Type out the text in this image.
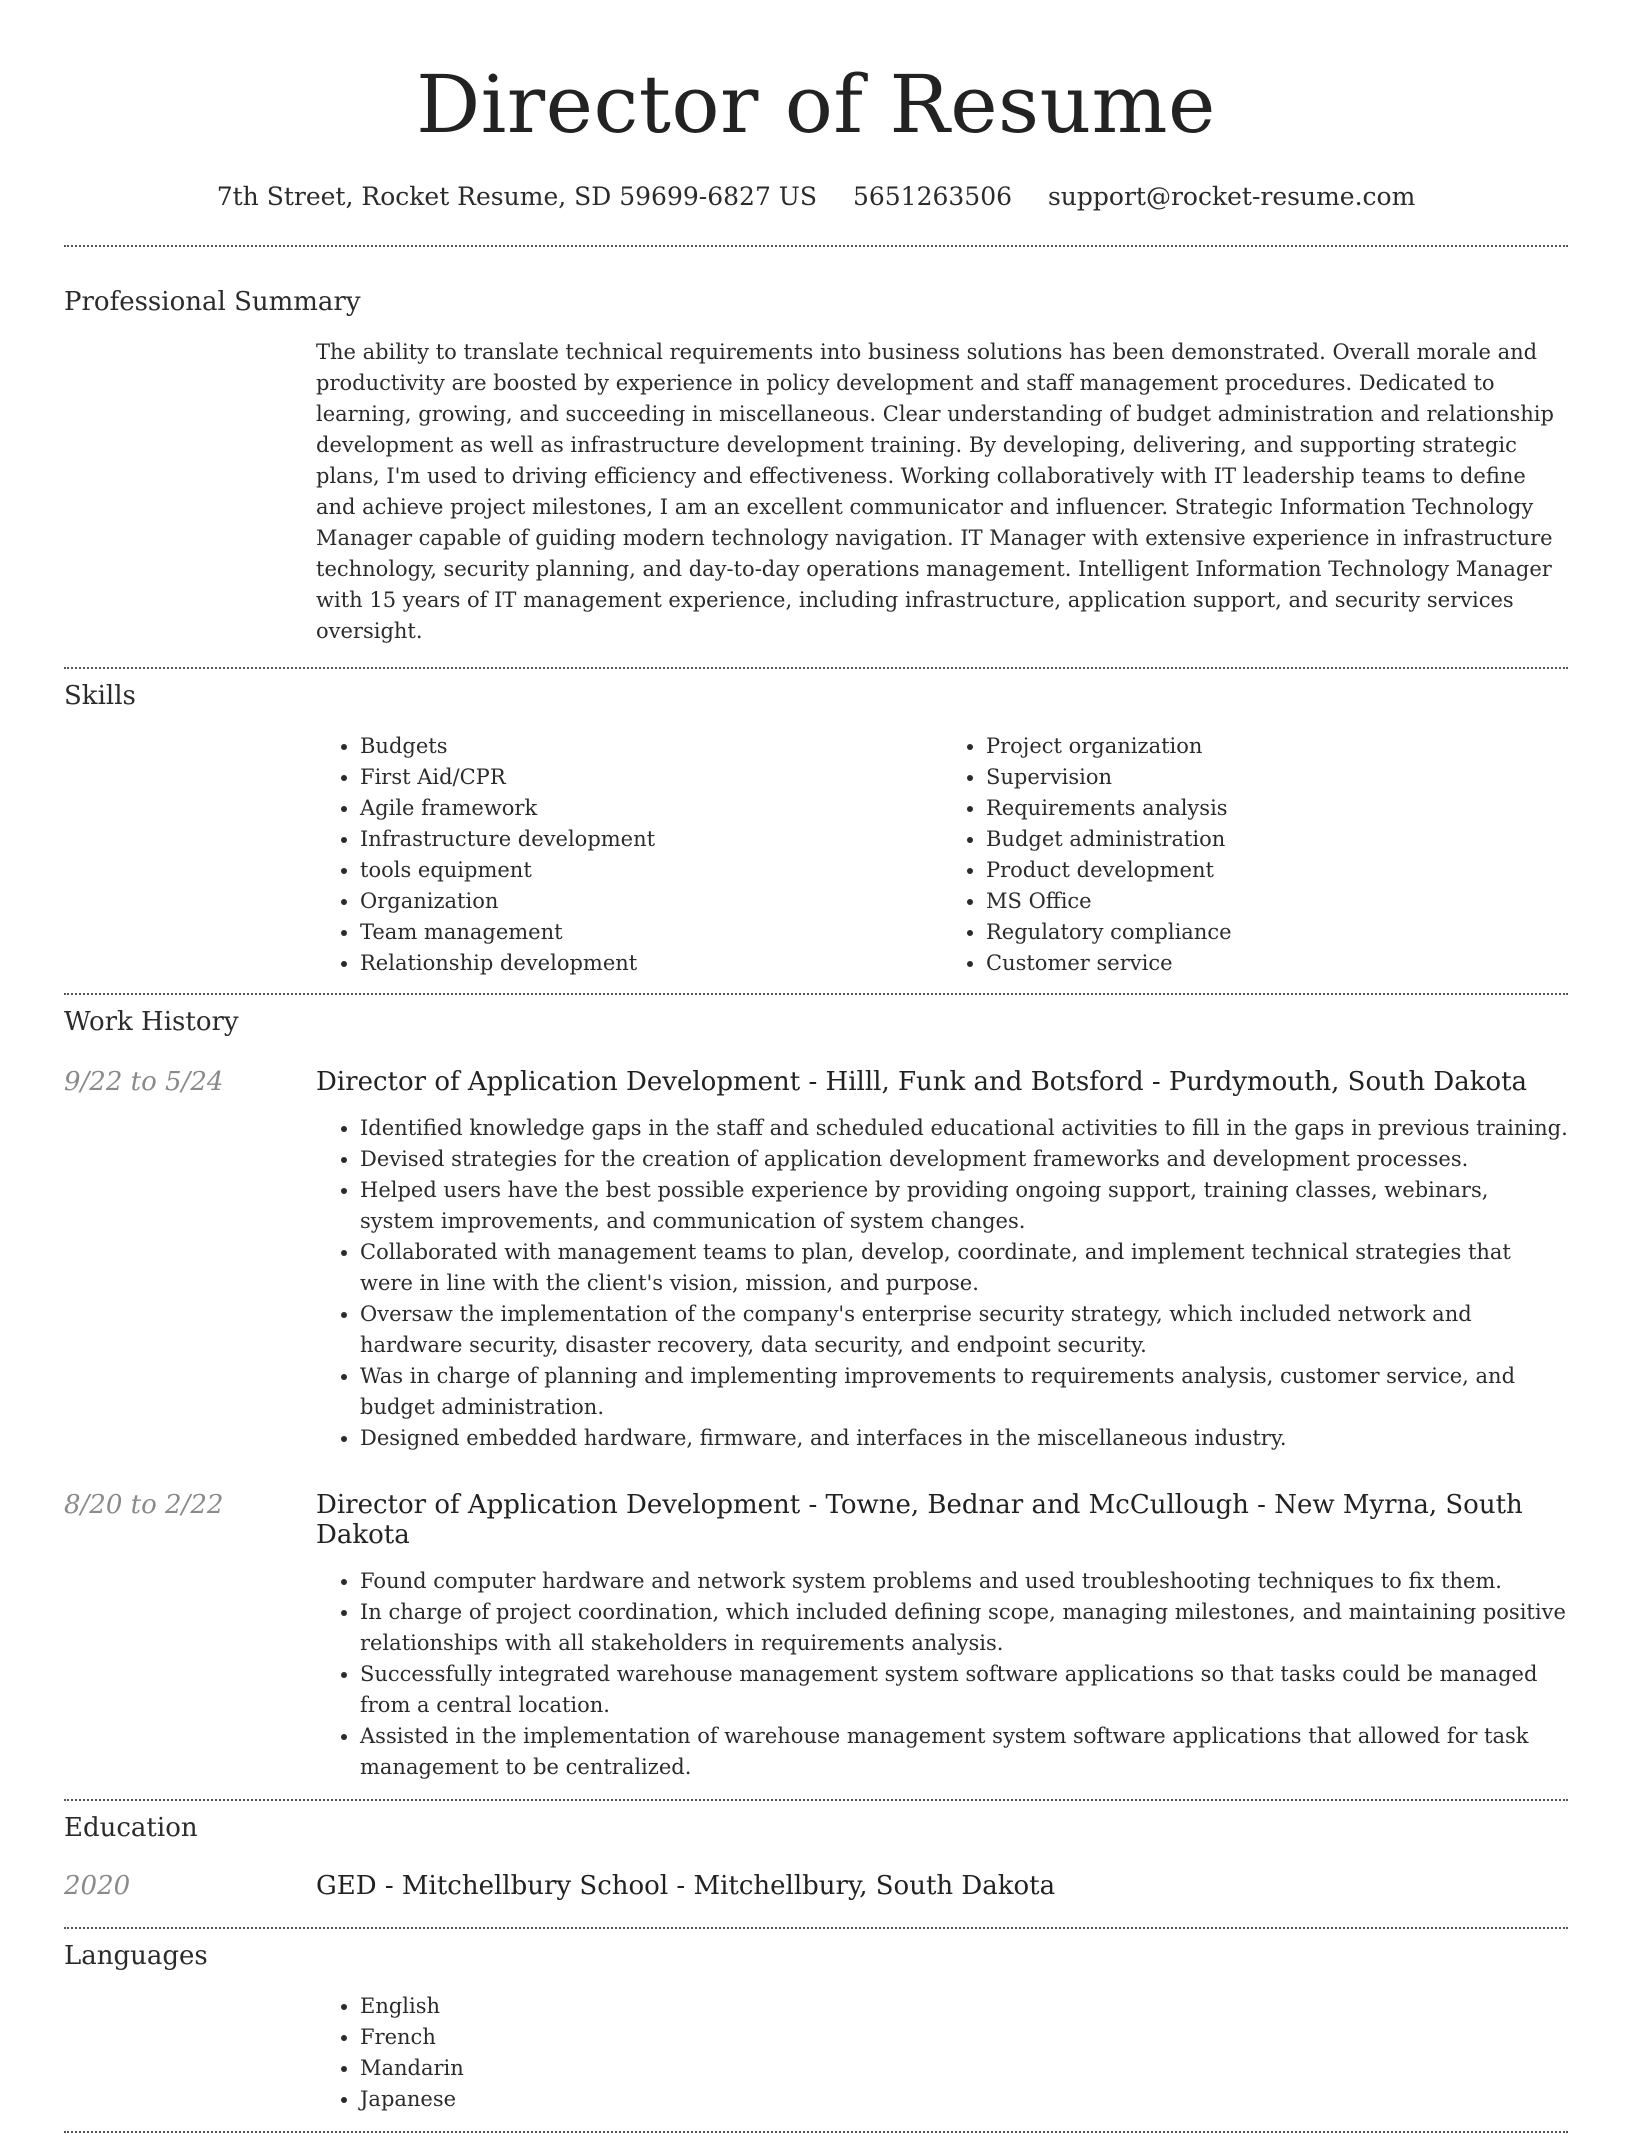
Director of Resume
7th Street, Rocket Resume, SD 59699-6827 US 5651263506 support@rocket-resume.com
Professional Summary

The ability to translate technical requirements into business solutions has been demonstrated. Overall morale and productivity are boosted by experience in policy development and staff management procedures. Dedicated to learning, growing, and succeeding in miscellaneous. Clear understanding of budget administration and relationship development as well as infrastructure development training. By developing, delivering, and supporting strategic plans, I'm used to driving efficiency and effectiveness. Working collaboratively with IT leadership teams to define and achieve project milestones, I am an excellent communicator and influencer. Strategic Information Technology Manager capable of guiding modern technology navigation. IT Manager with extensive experience in infrastructure technology, security planning, and day-to-day operations management. Intelligent Information Technology Manager with 15 years of IT management experience, including infrastructure, application support, and security services oversight.

Skills
• Budgets
• First Aid/CPR
• Agile framework
• Infrastructure development
• tools equipment
• Organization
• Team management
• Relationship development
• Project organization
• Supervision
• Requirements analysis
• Budget administration
• Product development
• MS Office
• Regulatory compliance
• Customer service
Work History
9/22 to 5/24	Director of Application Development - Hilll, Funk and Botsford - Purdymouth, South Dakota
• Identified knowledge gaps in the staff and scheduled educational activities to fill in the gaps in previous training.
• Devised strategies for the creation of application development frameworks and development processes.
• Helped users have the best possible experience by providing ongoing support, training classes, webinars, system improvements, and communication of system changes.
• Collaborated with management teams to plan, develop, coordinate, and implement technical strategies that were in line with the client's vision, mission, and purpose.
• Oversaw the implementation of the company's enterprise security strategy, which included network and hardware security, disaster recovery, data security, and endpoint security.
• Was in charge of planning and implementing improvements to requirements analysis, customer service, and budget administration.
• Designed embedded hardware, firmware, and interfaces in the miscellaneous industry.
8/20 to 2/22	Director of Application Development - Towne, Bednar and McCullough - New Myrna, South Dakota
• Found computer hardware and network system problems and used troubleshooting techniques to fix them.
• In charge of project coordination, which included defining scope, managing milestones, and maintaining positive relationships with all stakeholders in requirements analysis.
• Successfully integrated warehouse management system software applications so that tasks could be managed from a central location.
• Assisted in the implementation of warehouse management system software applications that allowed for task management to be centralized.
Education
2020	GED - Mitchellbury School - Mitchellbury, South Dakota
Languages
• English
• French
• Mandarin
• Japanese
